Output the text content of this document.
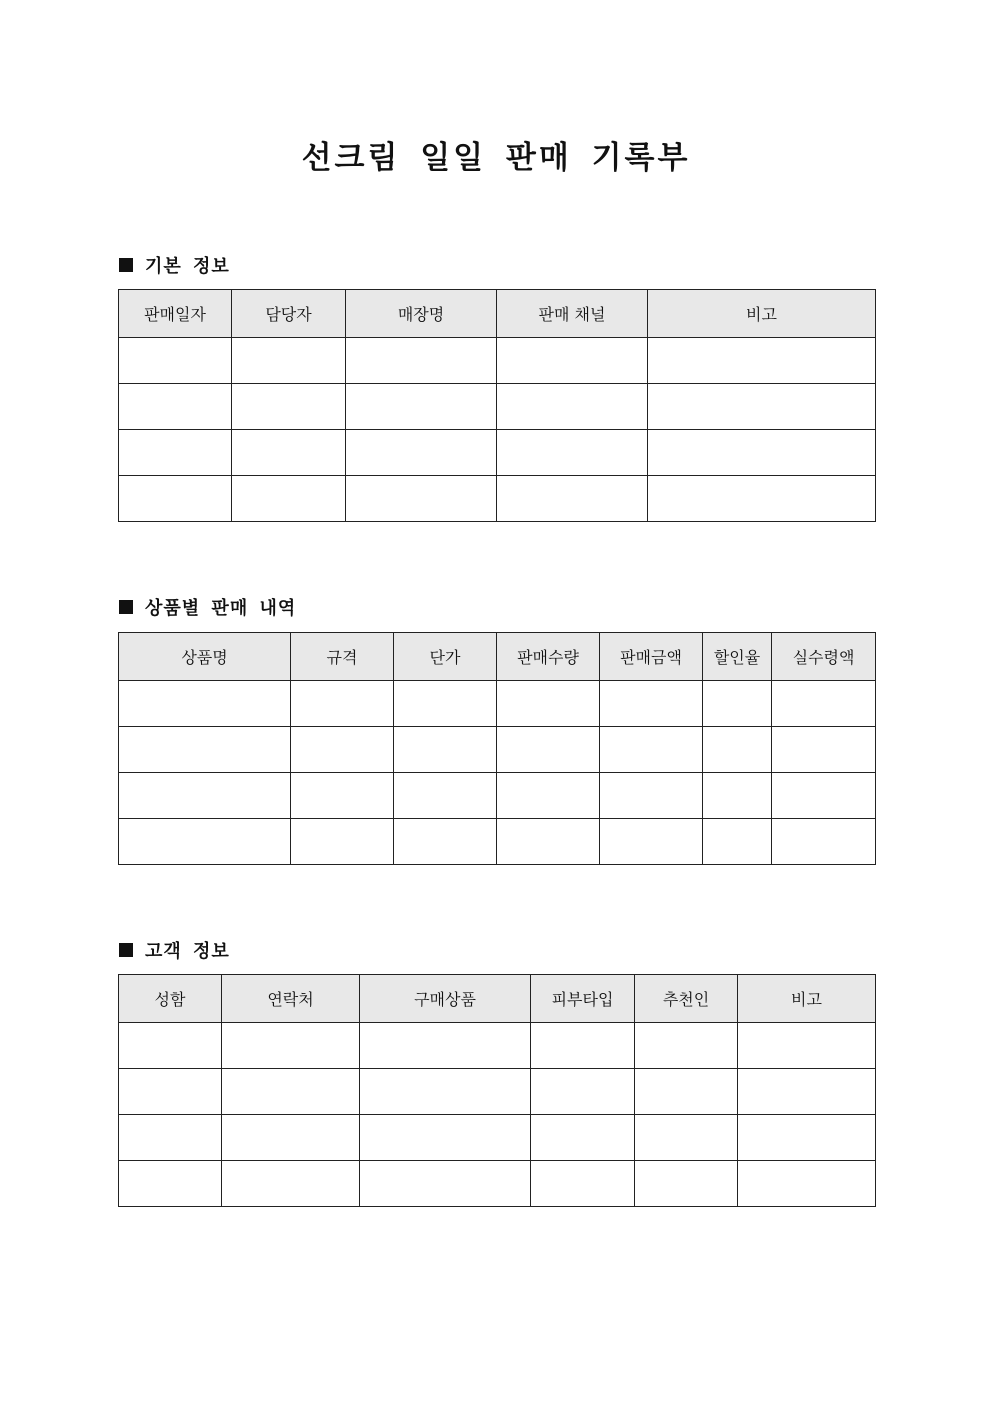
선크림 일일 판매 기록부
기본 정보
판매일자	담당자	매장명	판매 채널	비고

상품별 판매 내역
상품명	규격	단가	판매수량	판매금액	할인율	실수령액

고객 정보
성함	연락처	구매상품	피부타입	추천인	비고
